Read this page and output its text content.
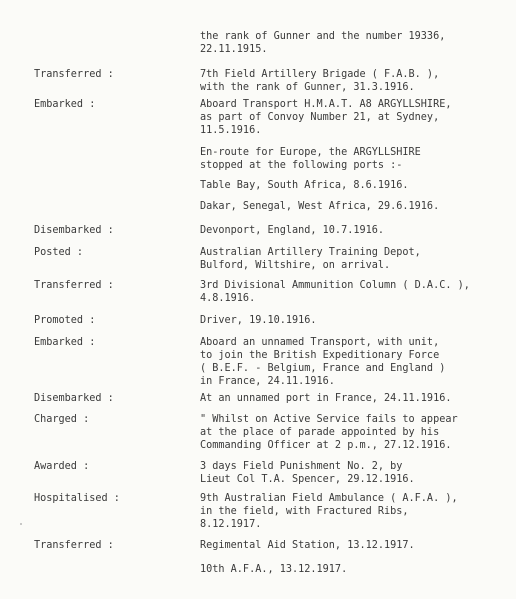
the rank of Gunner and the number 19336,
22.11.1915.
Transferred :	7th Field Artillery Brigade ( F.A.B. ),
with the rank of Gunner, 31.3.1916.
Embarked :	Aboard Transport H.M.A.T. A8 ARGYLLSHIRE,
as part of Convoy Number 21, at Sydney,
11.5.1916.
En-route for Europe, the ARGYLLSHIRE
stopped at the following ports :-
Table Bay, South Africa, 8.6.1916.
Dakar, Senegal, West Africa, 29.6.1916.
Disembarked :	Devonport, England, 10.7.1916.
Posted :	Australian Artillery Training Depot,
Bulford, Wiltshire, on arrival.
Transferred :	3rd Divisional Ammunition Column ( D.A.C. ),
4.8.1916.
Promoted :	Driver, 19.10.1916.
Embarked :	Aboard an unnamed Transport, with unit,
to join the British Expeditionary Force
( B.E.F. - Belgium, France and England )
in France, 24.11.1916.
Disembarked :	At an unnamed port in France, 24.11.1916.
Charged :	" Whilst on Active Service fails to appear
at the place of parade appointed by his
Commanding Officer at 2 p.m., 27.12.1916.
Awarded :	3 days Field Punishment No. 2, by
Lieut Col T.A. Spencer, 29.12.1916.
Hospitalised :	9th Australian Field Ambulance ( A.F.A. ),
in the field, with Fractured Ribs,
8.12.1917.
Transferred :	Regimental Aid Station, 13.12.1917.
10th A.F.A., 13.12.1917.
